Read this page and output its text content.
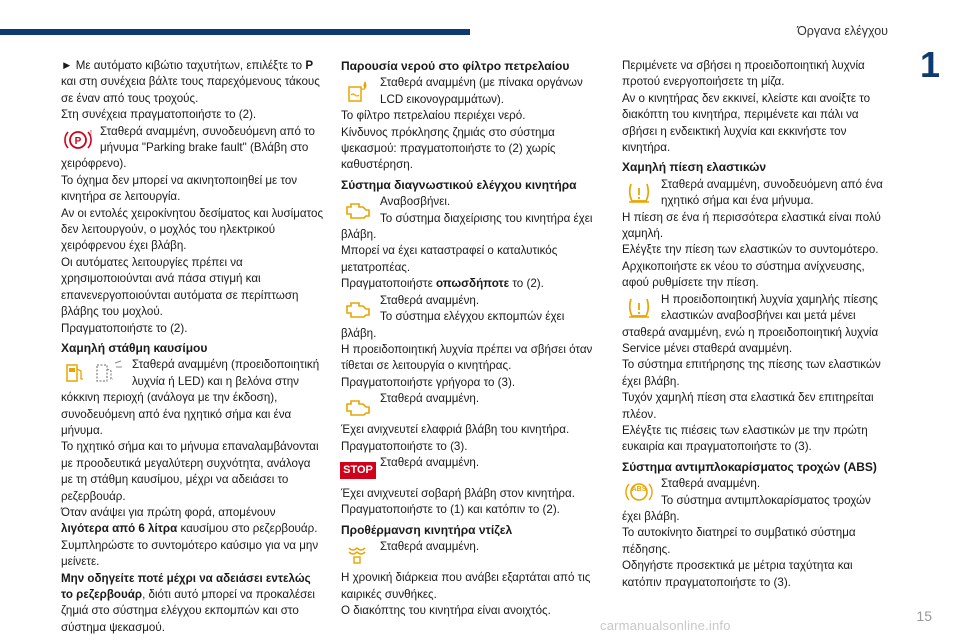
Όργανα ελέγχου
1
15
carmanualsonline.info

► Με αυτόματο κιβώτιο ταχυτήτων, επιλέξτε το P και στη συνέχεια βάλτε τους παρεχόμενους τάκους σε έναν από τους τροχούς.

Στη συνέχεια πραγματοποιήστε το (2).

P
! Σταθερά αναμμένη, συνοδευόμενη από το μήνυμα "Parking brake fault" (Βλάβη στο χειρόφρενο).

Το όχημα δεν μπορεί να ακινητοποιηθεί με τον κινητήρα σε λειτουργία.

Αν οι εντολές χειροκίνητου δεσίματος και λυσίματος δεν λειτουργούν, ο μοχλός του ηλεκτρικού χειρόφρενου έχει βλάβη.

Οι αυτόματες λειτουργίες πρέπει να χρησιμοποιούνται ανά πάσα στιγμή και επανενεργοποιούνται αυτόματα σε περίπτωση βλάβης του μοχλού.

Πραγματοποιήστε το (2).

Χαμηλή στάθμη καυσίμου

Σταθερά αναμμένη (προειδοποιητική λυχνία ή LED) και η βελόνα στην κόκκινη περιοχή (ανάλογα με την έκδοση), συνοδευόμενη από ένα ηχητικό σήμα και ένα μήνυμα.

Το ηχητικό σήμα και το μήνυμα επαναλαμβάνονται με προοδευτικά μεγαλύτερη συχνότητα, ανάλογα με τη στάθμη καυσίμου, μέχρι να αδειάσει το ρεζερβουάρ.

Όταν ανάψει για πρώτη φορά, απομένουν λιγότερα από 6 λίτρα καυσίμου στο ρεζερβουάρ.

Συμπληρώστε το συντομότερο καύσιμο για να μην μείνετε.

Μην οδηγείτε ποτέ μέχρι να αδειάσει εντελώς το ρεζερβουάρ, διότι αυτό μπορεί να προκαλέσει ζημιά στο σύστημα ελέγχου εκπομπών και στο σύστημα ψεκασμού.

Παρουσία νερού στο φίλτρο πετρελαίου

Σταθερά αναμμένη (με πίνακα οργάνων LCD εικονογραμμάτων).

Το φίλτρο πετρελαίου περιέχει νερό.

Κίνδυνος πρόκλησης ζημιάς στο σύστημα ψεκασμού: πραγματοποιήστε το (2) χωρίς καθυστέρηση.

Σύστημα διαγνωστικού ελέγχου κινητήρα

Αναβοσβήνει.

Το σύστημα διαχείρισης του κινητήρα έχει βλάβη.

Μπορεί να έχει καταστραφεί ο καταλυτικός μετατροπέας.

Πραγματοποιήστε οπωσδήποτε το (2).

Σταθερά αναμμένη.

Το σύστημα ελέγχου εκπομπών έχει βλάβη.

Η προειδοποιητική λυχνία πρέπει να σβήσει όταν τίθεται σε λειτουργία ο κινητήρας.

Πραγματοποιήστε γρήγορα το (3).

Σταθερά αναμμένη.

Έχει ανιχνευτεί ελαφριά βλάβη του κινητήρα.

Πραγματοποιήστε το (3).

STOP

Σταθερά αναμμένη.

Έχει ανιχνευτεί σοβαρή βλάβη στον κινητήρα.

Πραγματοποιήστε το (1) και κατόπιν το (2).

Προθέρμανση κινητήρα ντίζελ

Σταθερά αναμμένη.

Η χρονική διάρκεια που ανάβει εξαρτάται από τις καιρικές συνθήκες.

Ο διακόπτης του κινητήρα είναι ανοιχτός.

Περιμένετε να σβήσει η προειδοποιητική λυχνία προτού ενεργοποιήσετε τη μίζα.

Αν ο κινητήρας δεν εκκινεί, κλείστε και ανοίξτε το διακόπτη του κινητήρα, περιμένετε και πάλι να σβήσει η ενδεικτική λυχνία και εκκινήστε τον κινητήρα.

Χαμηλή πίεση ελαστικών

Σταθερά αναμμένη, συνοδευόμενη από ένα ηχητικό σήμα και ένα μήνυμα.

Η πίεση σε ένα ή περισσότερα ελαστικά είναι πολύ χαμηλή.

Ελέγξτε την πίεση των ελαστικών το συντομότερο.

Αρχικοποιήστε εκ νέου το σύστημα ανίχνευσης, αφού ρυθμίσετε την πίεση.

Η προειδοποιητική λυχνία χαμηλής πίεσης ελαστικών αναβοσβήνει και μετά μένει σταθερά αναμμένη, ενώ η προειδοποιητική λυχνία Service μένει σταθερά αναμμένη.

Το σύστημα επιτήρησης της πίεσης των ελαστικών έχει βλάβη.

Τυχόν χαμηλή πίεση στα ελαστικά δεν επιτηρείται πλέον.

Ελέγξτε τις πιέσεις των ελαστικών με την πρώτη ευκαιρία και πραγματοποιήστε το (3).

Σύστημα αντιμπλοκαρίσματος τροχών (ABS)

ABS	Σταθερά αναμμένη.

Το σύστημα αντιμπλοκαρίσματος τροχών έχει βλάβη.

Το αυτοκίνητο διατηρεί το συμβατικό σύστημα πέδησης.

Οδηγήστε προσεκτικά με μέτρια ταχύτητα και κατόπιν πραγματοποιήστε το (3).
